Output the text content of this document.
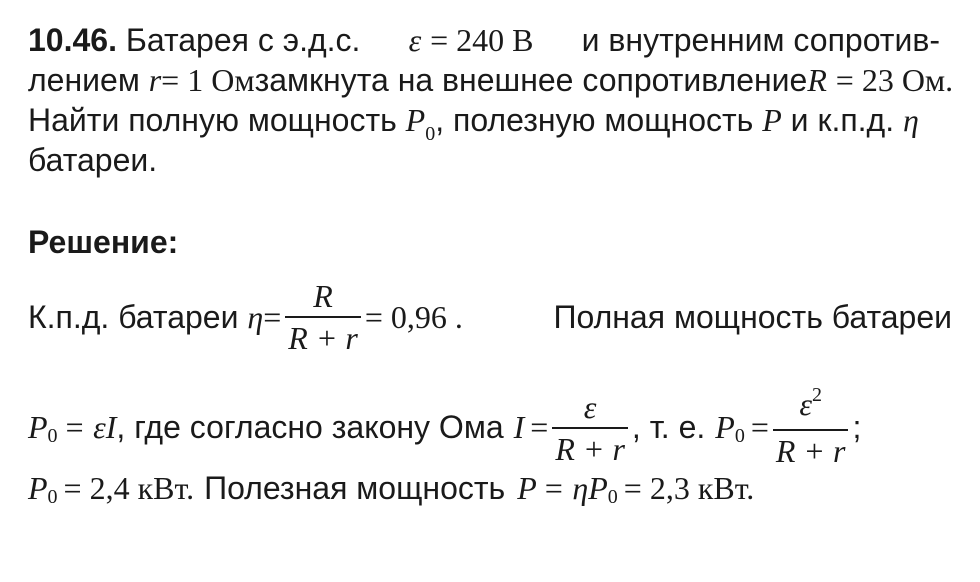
10.46. Батарея с э.д.с. ε = 240 В и внутренним сопротив-
лением r= 1 Ом замкнута на внешнее сопротивление R = 23 Ом.
Найти полную мощность $P_0$, полезную мощность P и к.п.д. η
батареи.
Решение:
К.п.д. батареи
$\eta = \frac{R}{R + r} = 0,96$ .	Полная мощность батареи
P 0 = εI , где согласно закону Ома $I = \frac{\varepsilon}{R + r}$ , т. е. P $0 = \frac{\varepsilon^2}{R + r}$ ;
P 0 = 2,4 кВт. Полезная мощность P = ηP 0 = 2,3 кВт.
